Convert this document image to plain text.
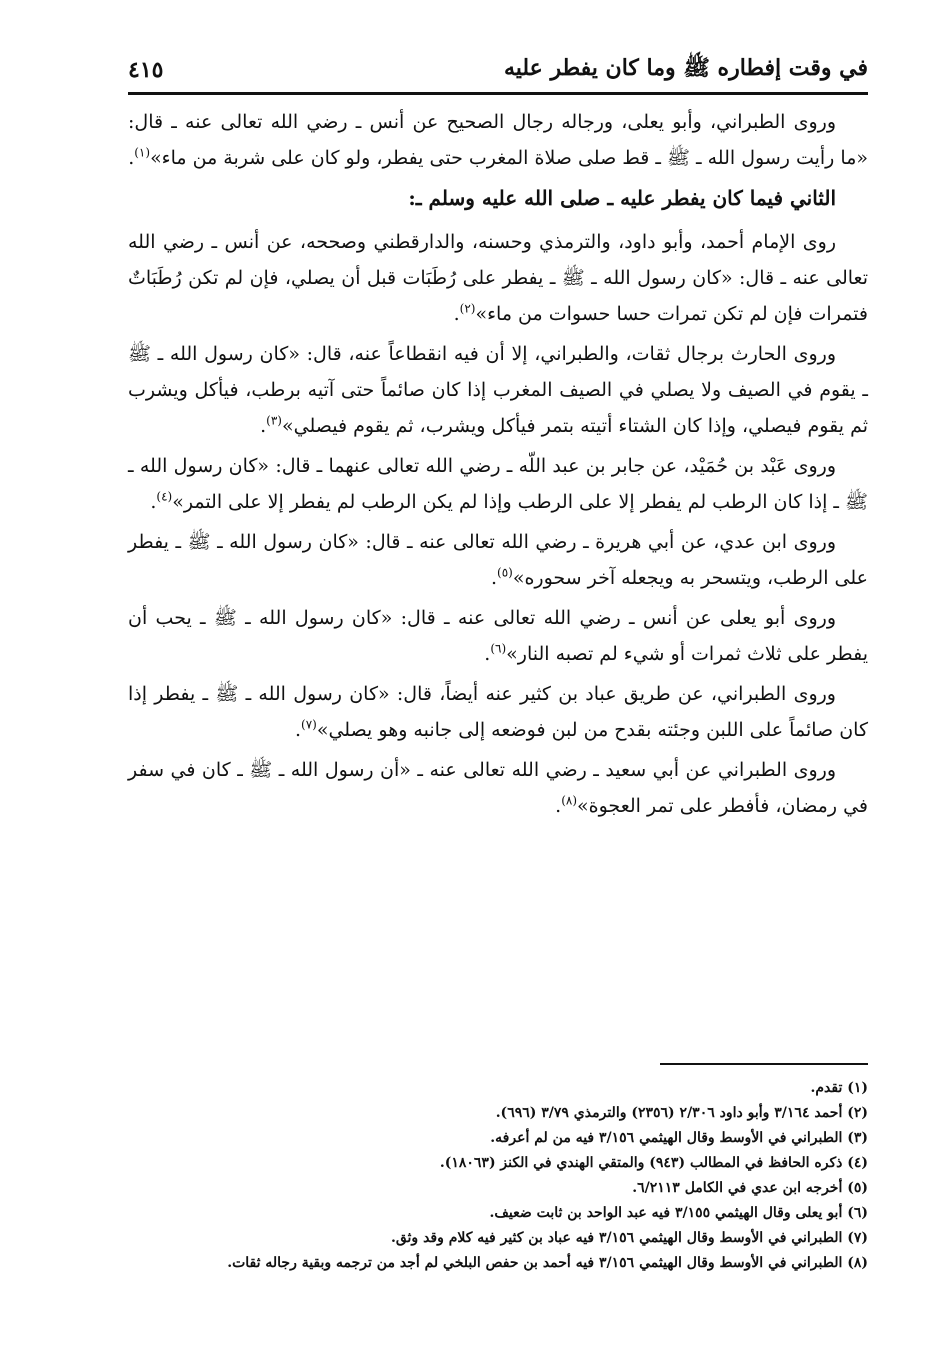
في وقت إفطاره ﷺ وما كان يفطر عليه
٤١٥

وروى الطبراني، وأبو يعلى، ورجاله رجال الصحيح عن أنس ـ رضي الله تعالى عنه ـ قال: «ما رأيت رسول الله ـ ﷺ ـ قط صلى صلاة المغرب حتى يفطر، ولو كان على شربة من ماء»$^{(١)}$.

الثاني فيما كان يفطر عليه ـ صلى الله عليه وسلم ـ:

روى الإمام أحمد، وأبو داود، والترمذي وحسنه، والدارقطني وصححه، عن أنس ـ رضي الله تعالى عنه ـ قال: «كان رسول الله ـ ﷺ ـ يفطر على رُطَبَات قبل أن يصلي، فإن لم تكن رُطَبَاتٌ فتمرات فإن لم تكن تمرات حسا حسوات من ماء»$^{(٢)}$.

وروى الحارث برجال ثقات، والطبراني، إلا أن فيه انقطاعاً عنه، قال: «كان رسول الله ـ ﷺ ـ يقوم في الصيف ولا يصلي في الصيف المغرب إذا كان صائماً حتى آتيه برطب، فيأكل ويشرب ثم يقوم فيصلي، وإذا كان الشتاء أتيته بتمر فيأكل ويشرب، ثم يقوم فيصلي»$^{(٣)}$.

وروى عَبْد بن حُمَيْد، عن جابر بن عبد اللّه ـ رضي الله تعالى عنهما ـ قال: «كان رسول الله ـ ﷺ ـ إذا كان الرطب لم يفطر إلا على الرطب وإذا لم يكن الرطب لم يفطر إلا على التمر»$^{(٤)}$.

وروى ابن عدي، عن أبي هريرة ـ رضي الله تعالى عنه ـ قال: «كان رسول الله ـ ﷺ ـ يفطر على الرطب، ويتسحر به ويجعله آخر سحوره»$^{(٥)}$.

وروى أبو يعلى عن أنس ـ رضي الله تعالى عنه ـ قال: «كان رسول الله ـ ﷺ ـ يحب أن يفطر على ثلاث ثمرات أو شيء لم تصبه النار»$^{(٦)}$.

وروى الطبراني، عن طريق عباد بن كثير عنه أيضاً، قال: «كان رسول الله ـ ﷺ ـ يفطر إذا كان صائماً على اللبن وجئته بقدح من لبن فوضعه إلى جانبه وهو يصلي»$^{(٧)}$.

وروى الطبراني عن أبي سعيد ـ رضي الله تعالى عنه ـ «أن رسول الله ـ ﷺ ـ كان في سفر في رمضان، فأفطر على تمر العجوة»$^{(٨)}$.

(١) تقدم.

(٢) أحمد ٣/١٦٤ وأبو داود ٢/٣٠٦ (٢٣٥٦) والترمذي ٣/٧٩ (٦٩٦).

(٣) الطبراني في الأوسط وقال الهيثمي ٣/١٥٦ فيه من لم أعرفه.

(٤) ذكره الحافظ في المطالب (٩٤٣) والمتقي الهندي في الكنز (١٨٠٦٣).

(٥) أخرجه ابن عدي في الكامل ٦/٢١١٣.

(٦) أبو يعلى وقال الهيثمي ٣/١٥٥ فيه عبد الواحد بن ثابت ضعيف.

(٧) الطبراني في الأوسط وقال الهيثمي ٣/١٥٦ فيه عباد بن كثير فيه كلام وقد وثق.

(٨) الطبراني في الأوسط وقال الهيثمي ٣/١٥٦ فيه أحمد بن حفص البلخي لم أجد من ترجمه وبقية رجاله ثقات.
